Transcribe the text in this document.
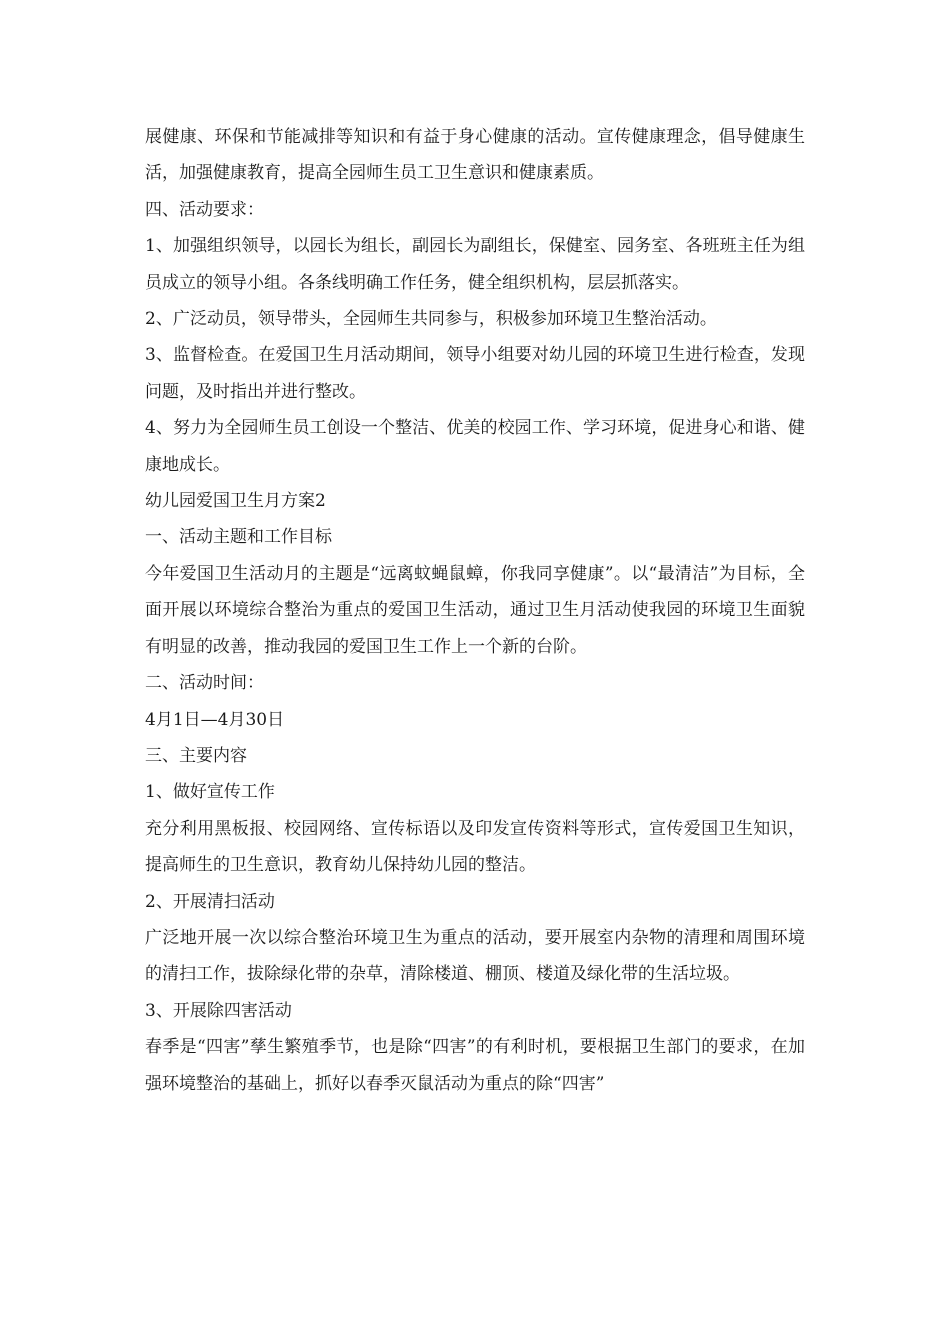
展健康、环保和节能减排等知识和有益于身心健康的活动。宣传健康理念，倡导健康生活，加强健康教育，提高全园师生员工卫生意识和健康素质。

四、活动要求：

1、加强组织领导，以园长为组长，副园长为副组长，保健室、园务室、各班班主任为组员成立的领导小组。各条线明确工作任务，健全组织机构，层层抓落实。

2、广泛动员，领导带头，全园师生共同参与，积极参加环境卫生整治活动。

3、监督检查。在爱国卫生月活动期间，领导小组要对幼儿园的环境卫生进行检查，发现问题，及时指出并进行整改。

4、努力为全园师生员工创设一个整洁、优美的校园工作、学习环境，促进身心和谐、健康地成长。

幼儿园爱国卫生月方案2

一、活动主题和工作目标

今年爱国卫生活动月的主题是“远离蚊蝇鼠蟑，你我同享健康”。以“最清洁”为目标，全面开展以环境综合整治为重点的爱国卫生活动，通过卫生月活动使我园的环境卫生面貌有明显的改善，推动我园的爱国卫生工作上一个新的台阶。

二、活动时间：

4月1日—4月30日

三、主要内容

1、做好宣传工作

充分利用黑板报、校园网络、宣传标语以及印发宣传资料等形式，宣传爱国卫生知识，提高师生的卫生意识，教育幼儿保持幼儿园的整洁。

2、开展清扫活动

广泛地开展一次以综合整治环境卫生为重点的活动，要开展室内杂物的清理和周围环境的清扫工作，拔除绿化带的杂草，清除楼道、棚顶、楼道及绿化带的生活垃圾。

3、开展除四害活动

春季是“四害”孳生繁殖季节，也是除“四害”的有利时机，要根据卫生部门的要求，在加强环境整治的基础上，抓好以春季灭鼠活动为重点的除“四害”
